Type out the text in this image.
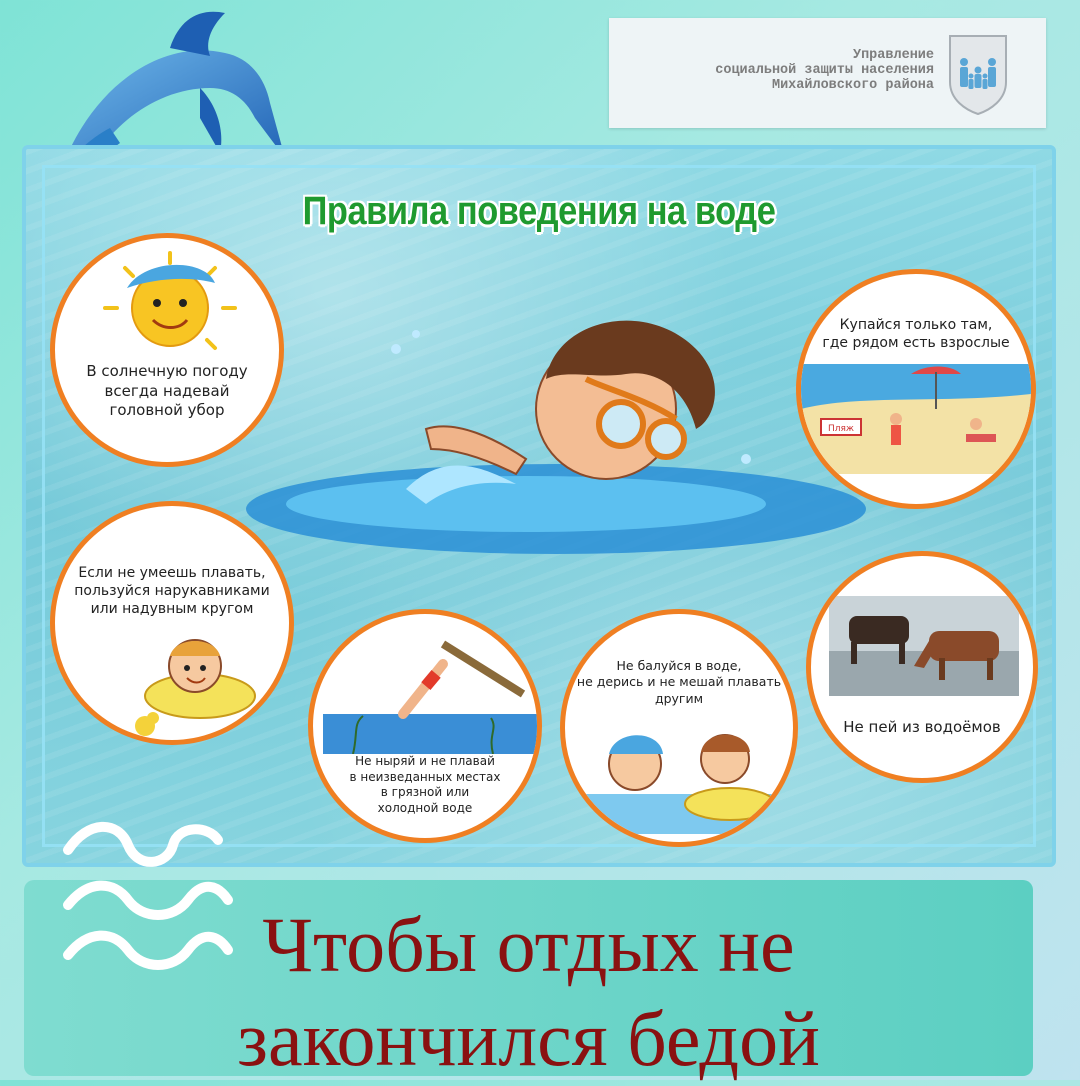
Управление
социальной защиты населения
Михайловского района
Правила поведения на воде
В солнечную погоду
всегда надевай
головной убор
Купайся только там,
где рядом есть взрослые
Пляж
Если не умеешь плавать,
пользуйся нарукавниками
или надувным кругом
Не ныряй и не плавай
в неизведанных местах
в грязной или
холодной воде
Не балуйся в воде,
не дерись и не мешай плавать
другим
Не пей из водоёмов
Чтобы отдых не
закончился бедой
